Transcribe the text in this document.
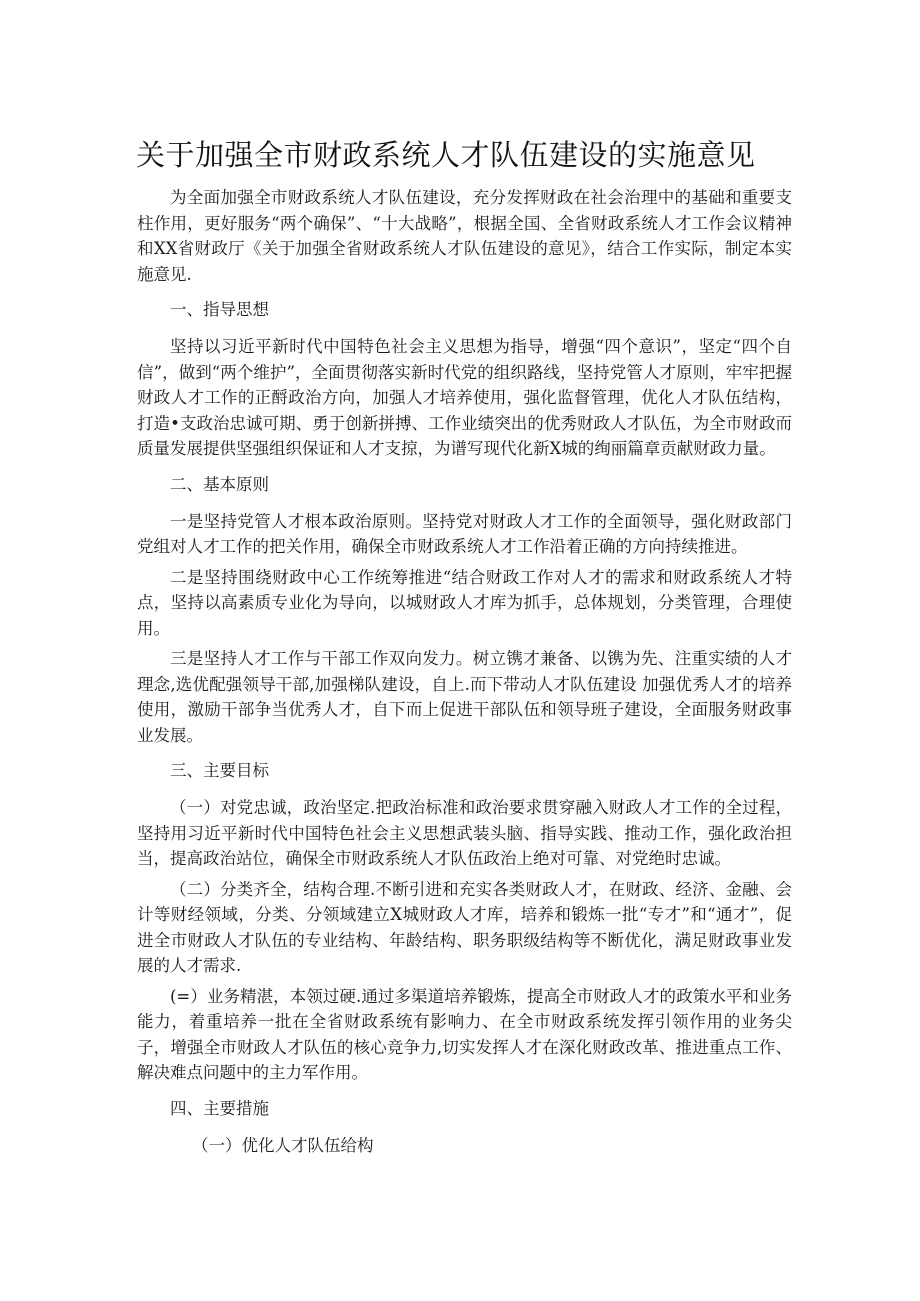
关于加强全市财政系统人才队伍建设的实施意见

为全面加强全市财政系统人才队伍建设，充分发挥财政在社会治理中的基础和重要支柱作用，更好服务“两个确保”、“十大战略”，根据全国、全省财政系统人才工作会议精神和XX省财政厅《关于加强全省财政系统人才队伍建设的意见》，结合工作实际，制定本实施意见.

一、指导思想

坚持以习近平新时代中国特色社会主义思想为指导，增强“四个意识”，坚定“四个自信”，做到“两个维护”，全面贯彻落实新时代党的组织路线，坚持党管人才原则，牢牢把握财政人才工作的正酹政治方向，加强人才培养使用，强化监督管理，优化人才队伍结构，打造•支政治忠诚可期、勇于创新拼搏、工作业绩突出的优秀财政人才队伍，为全市财政而质量发展提供坚强组织保证和人才支掠，为谱写现代化新X城的绚丽篇章贡献财政力量。

二、基本原则

一是坚持党管人才根本政治原则。坚持党对财政人才工作的全面领导，强化财政部门党组对人才工作的把关作用，确保全市财政系统人才工作沿着正确的方向持续推进。

二是坚持围绕财政中心工作统筹推进“结合财政工作对人才的需求和财政系统人才特点，坚持以高素质专业化为导向，以城财政人才库为抓手，总体规划，分类管理，合理使用。

三是坚持人才工作与干部工作双向发力。树立镌才兼备、以镌为先、注重实绩的人才理念,选优配强领导干部,加强梯队建设，自上.而下带动人才队伍建设 加强优秀人才的培养使用，激励干部争当优秀人才，自下而上促进干部队伍和领导班子建设，全面服务财政事业发展。

三、主要目标

（一）对党忠诚，政治坚定.把政治标准和政治要求贯穿融入财政人才工作的全过程，坚持用习近平新时代中国特色社会主义思想武装头脑、指导实践、推动工作，强化政治担当，提高政治站位，确保全市财政系统人才队伍政治上绝对可靠、对党绝时忠诚。

（二）分类齐全，结构合理.不断引进和充实各类财政人才，在财政、经济、金融、会计等财经领域，分类、分领域建立X城财政人才库，培养和锻炼一批“专才”和“通才”，促进全市财政人才队伍的专业结构、年龄结构、职务职级结构等不断优化，满足财政事业发展的人才需求.

(=）业务精湛，本领过硬.通过多渠道培养锻炼，提高全市财政人才的政策水平和业务能力，着重培养一批在全省财政系统有影响力、在全市财政系统发挥引领作用的业务尖子，增强全市财政人才队伍的核心竞争力,切实发挥人才在深化财政改革、推进重点工作、解决难点问题中的主力军作用。

四、主要措施

（一）优化人才队伍给构
